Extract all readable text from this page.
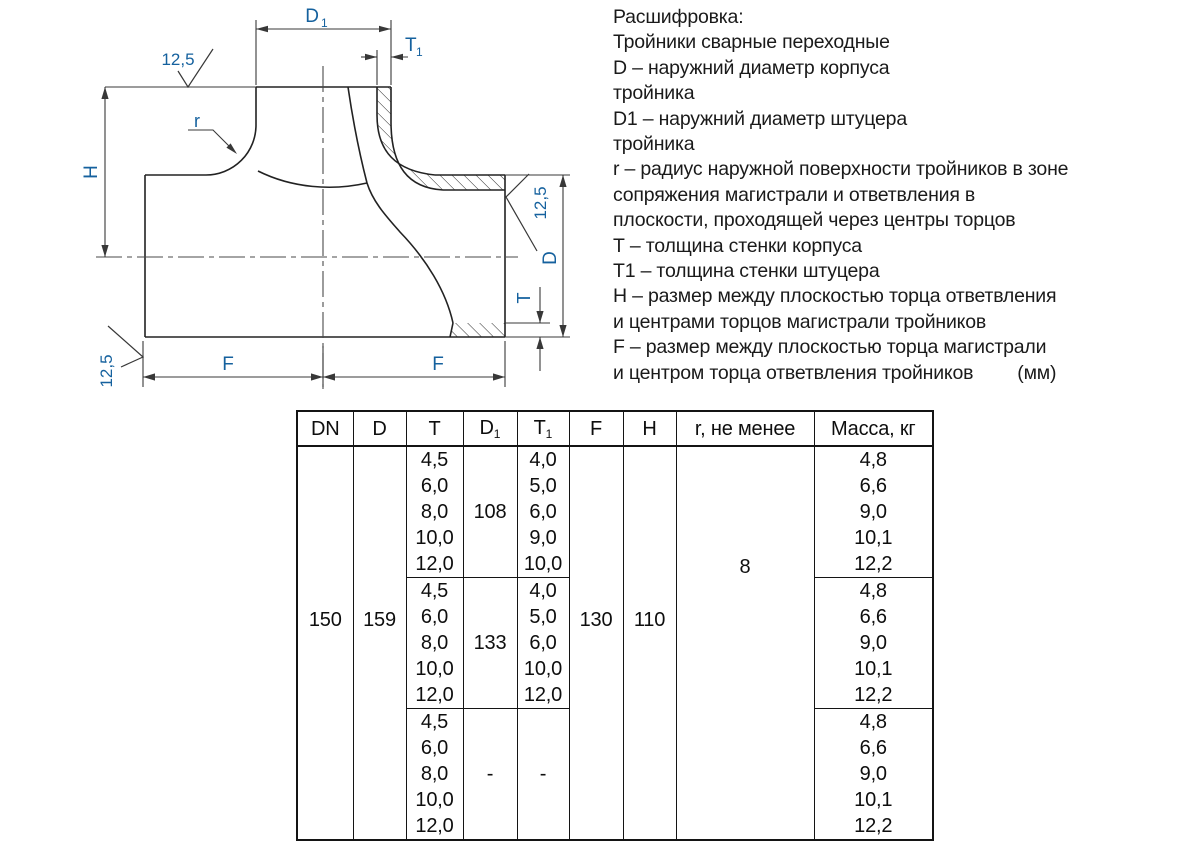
12,5
D 1
T 1
H
r
12,5
D
T
12,5	F	F
Расшифровка:
Тройники сварные переходные
D – наружний диаметр корпуса
тройника
D1 – наружний диаметр штуцера
тройника
r – радиус наружной поверхности тройников в зоне
сопряжения магистрали и ответвления в
плоскости, проходящей через центры торцов
Т – толщина стенки корпуса
Т1 – толщина стенки штуцера
Н – размер между плоскостью торца ответвления
и центрами торцов магистрали тройников
F – размер между плоскостью торца магистрали
и центром торца ответвления тройников (мм)
DN	D	T	$D_1$	$T_1$	F	H	r, не менее	Масса, кг
150	159	4,5	108	4,0	130	110	8	4,8
		6,0		5,0				6,6
		8,0		6,0				9,0
		10,0		9,0				10,1
		12,0		10,0				12,2
		4,5	133	4,0				4,8
		6,0		5,0				6,6
		8,0		6,0				9,0
		10,0		10,0				10,1
		12,0		12,0				12,2
		4,5	-	-				4,8
		6,0						6,6
		8,0						9,0
		10,0						10,1
		12,0						12,2
